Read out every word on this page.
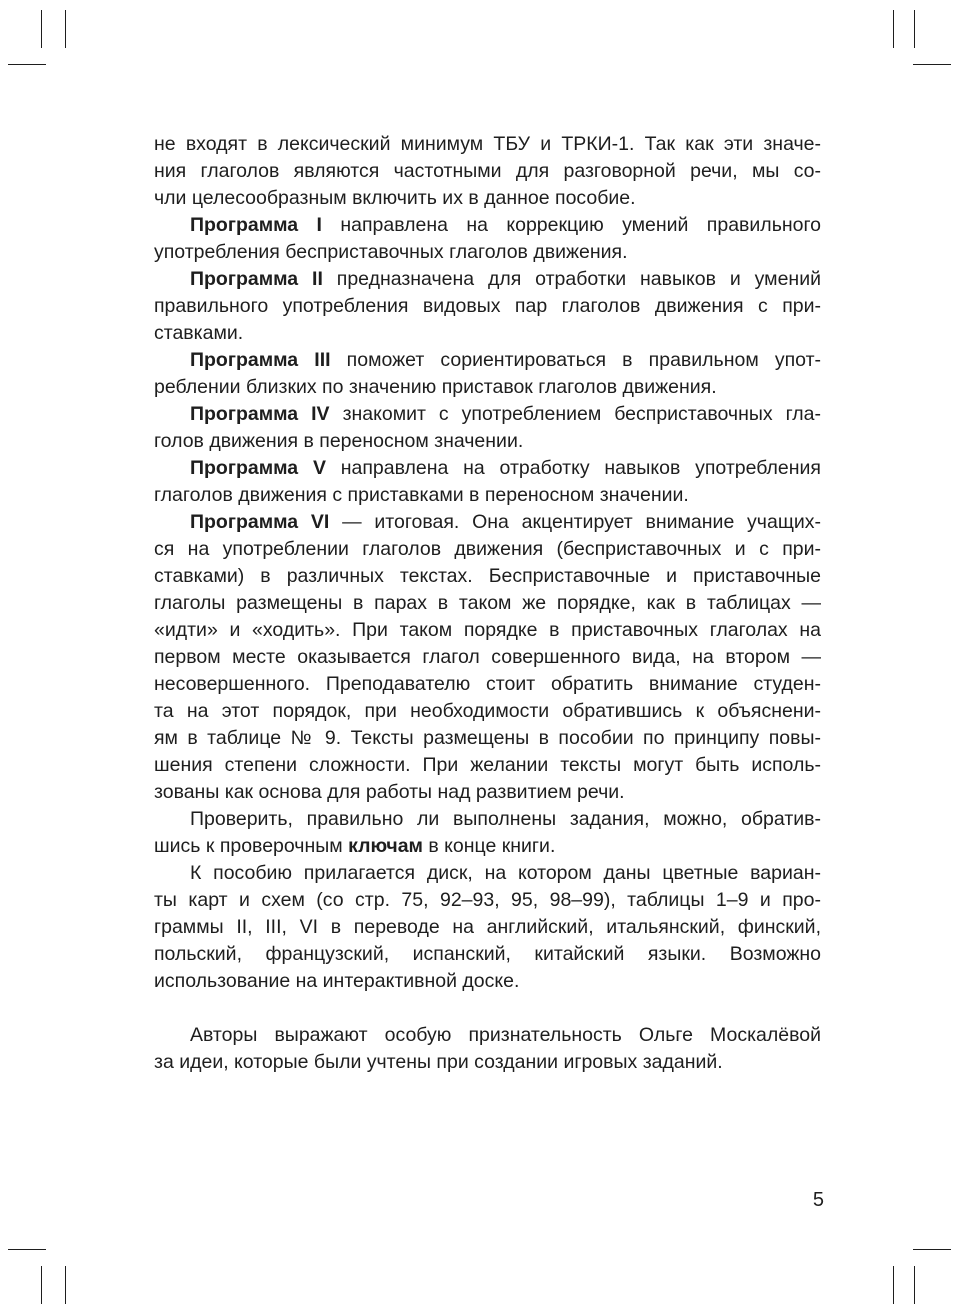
не входят в лексический минимум ТБУ и ТРКИ-1. Так как эти значе-
ния глаголов являются частотными для разговорной речи, мы со-
чли целесообразным включить их в данное пособие.
Программа I направлена на коррекцию умений правильного
употребления бесприставочных глаголов движения.
Программа II предназначена для отработки навыков и умений
правильного употребления видовых пар глаголов движения с при-
ставками.
Программа III поможет сориентироваться в правильном упот-
реблении близких по значению приставок глаголов движения.
Программа IV знакомит с употреблением бесприставочных гла-
голов движения в переносном значении.
Программа V направлена на отработку навыков употребления
глаголов движения с приставками в переносном значении.
Программа VI — итоговая. Она акцентирует внимание учащих-
ся на употреблении глаголов движения (бесприставочных и с при-
ставками) в различных текстах. Бесприставочные и приставочные
глаголы размещены в парах в таком же порядке, как в таблицах —
«идти» и «ходить». При таком порядке в приставочных глаголах на
первом месте оказывается глагол совершенного вида, на втором —
несовершенного. Преподавателю стоит обратить внимание студен-
та на этот порядок, при необходимости обратившись к объяснени-
ям в таблице № 9. Тексты размещены в пособии по принципу повы-
шения степени сложности. При желании тексты могут быть исполь-
зованы как основа для работы над развитием речи.
Проверить, правильно ли выполнены задания, можно, обратив-
шись к проверочным ключам в конце книги.
К пособию прилагается диск, на котором даны цветные вариан-
ты карт и схем (со стр. 75, 92–93, 95, 98–99), таблицы 1–9 и про-
граммы II, III, VI в переводе на английский, итальянский, финский,
польский, французский, испанский, китайский языки. Возможно
использование на интерактивной доске.
Авторы выражают особую признательность Ольге Москалёвой
за идеи, которые были учтены при создании игровых заданий.
5
